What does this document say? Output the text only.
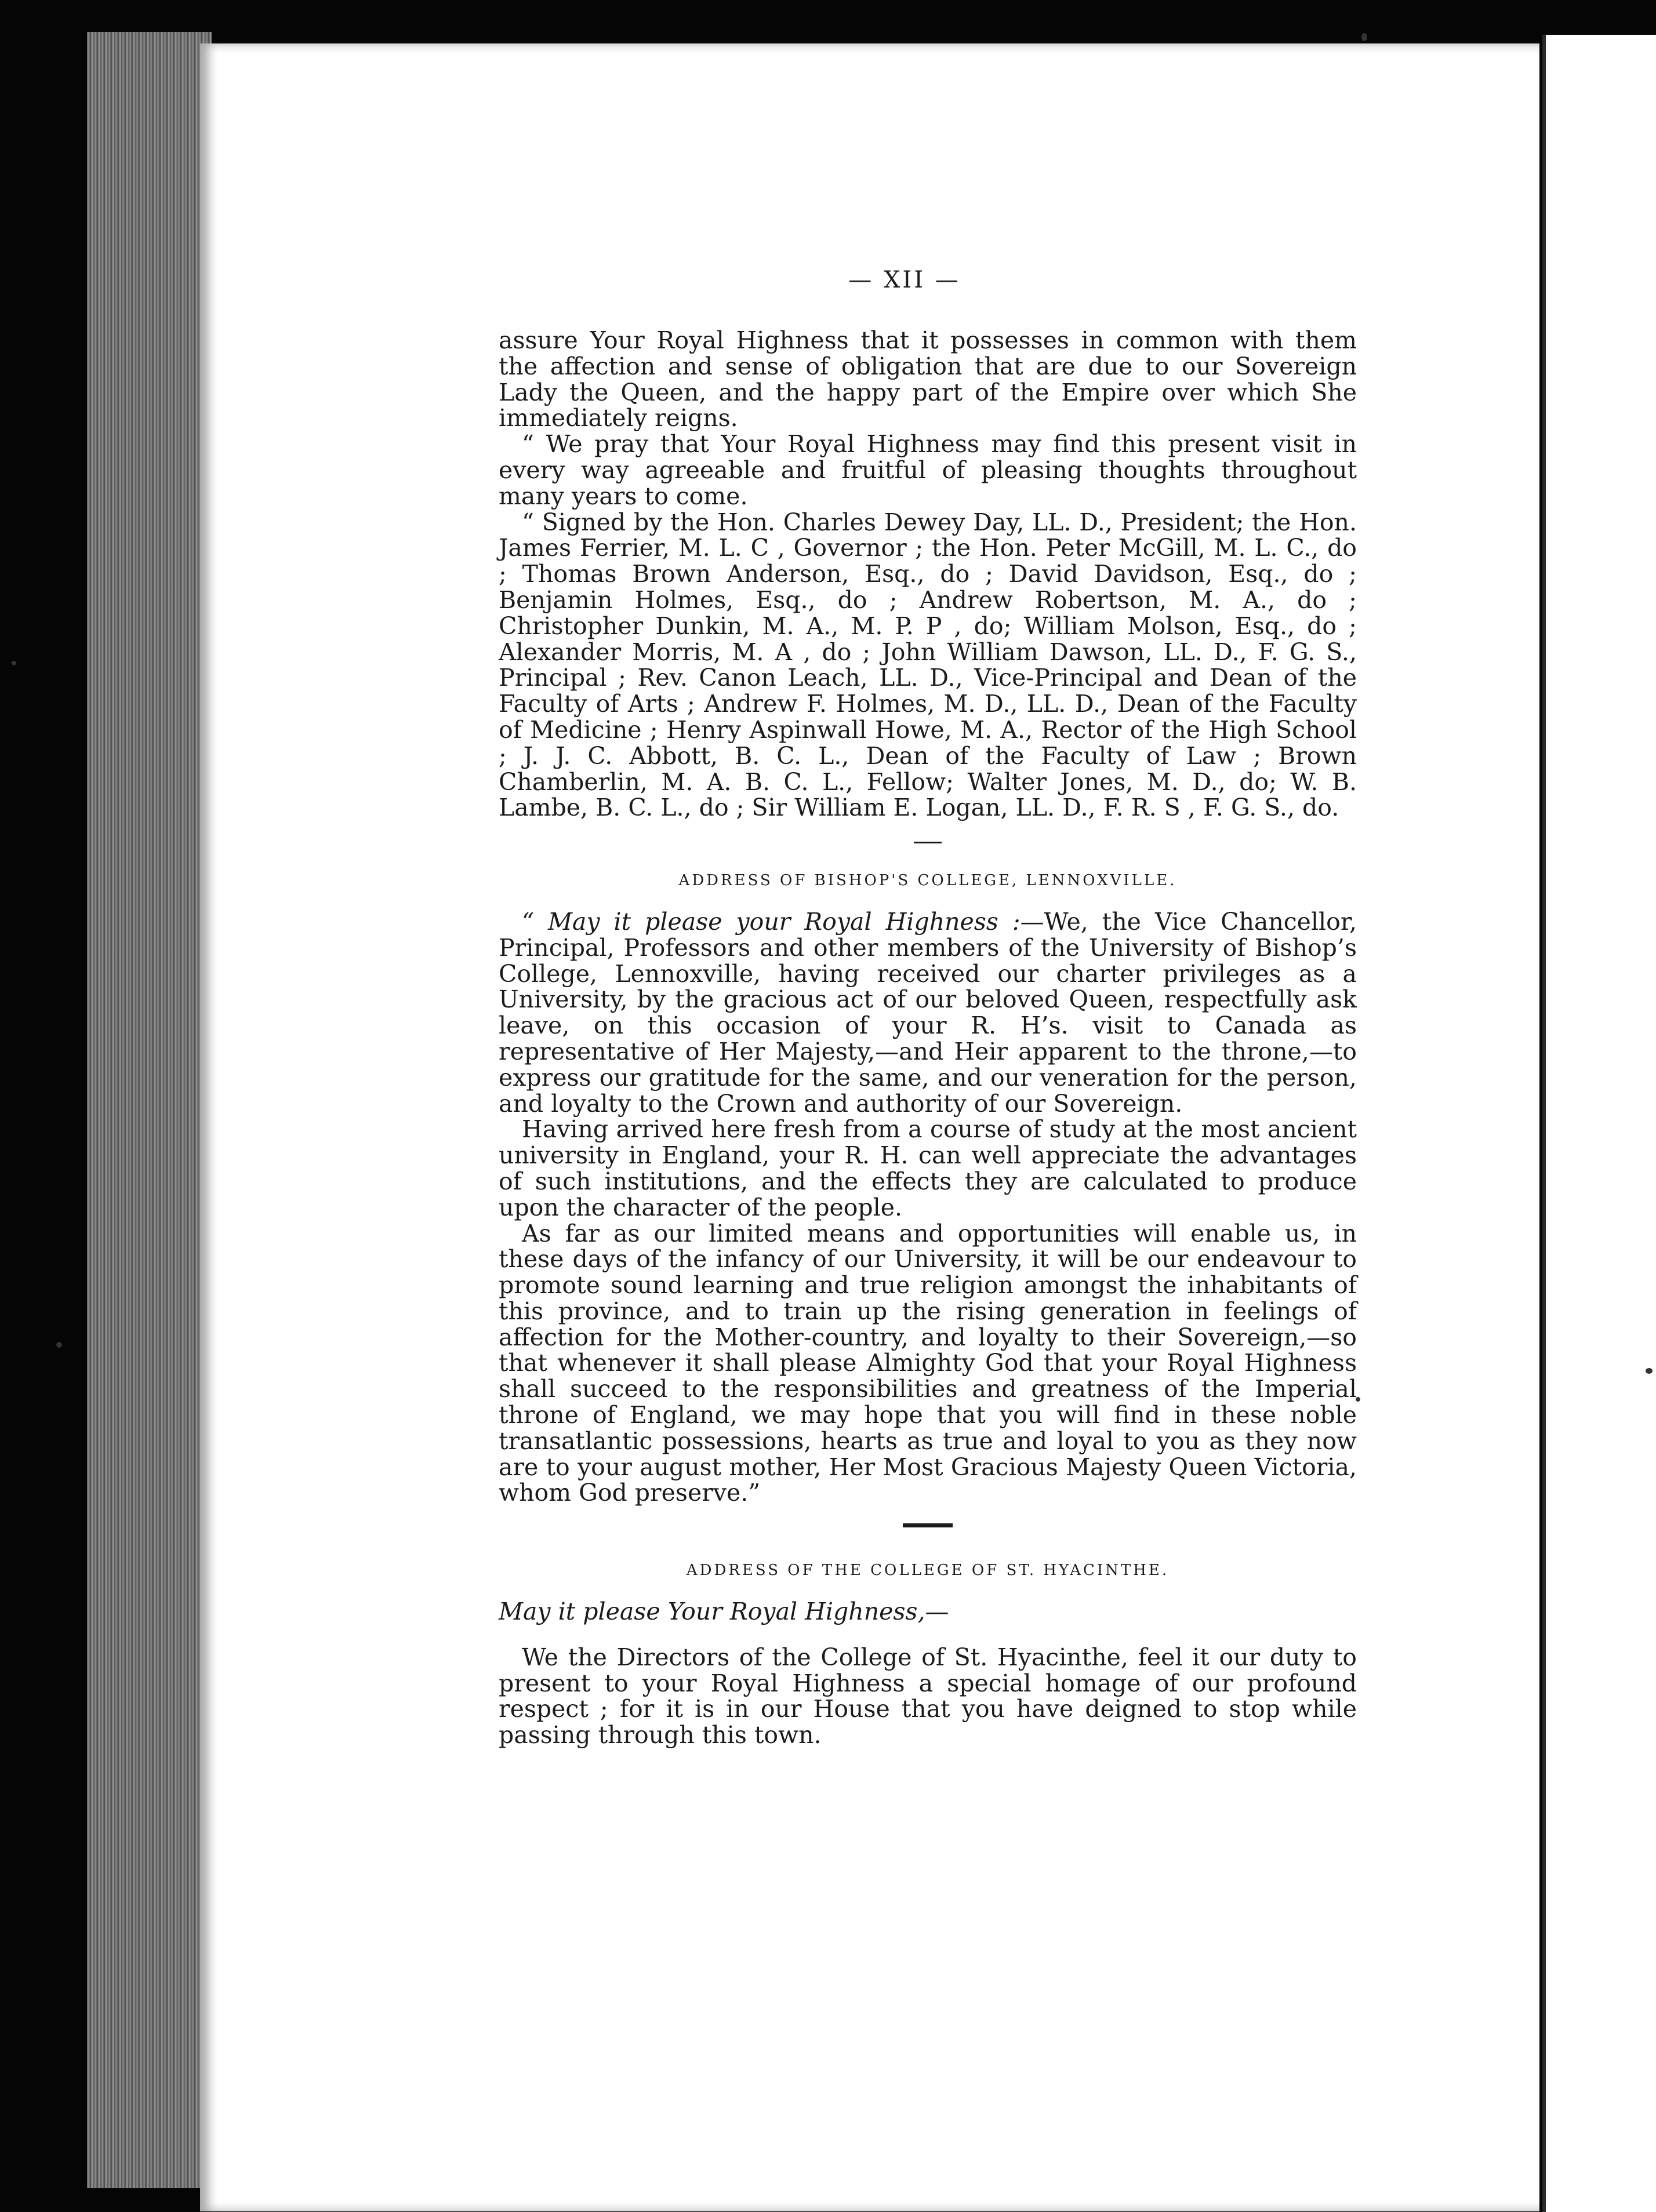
— XII —

assure Your Royal Highness that it possesses in common with them the affection and sense of obligation that are due to our Sovereign Lady the Queen, and the happy part of the Empire over which She immediately reigns.

“ We pray that Your Royal Highness may find this present visit in every way agreeable and fruitful of pleasing thoughts throughout many years to come.

“ Signed by the Hon. Charles Dewey Day, LL. D., President; the Hon. James Ferrier, M. L. C , Governor ; the Hon. Peter McGill, M. L. C., do ; Thomas Brown Anderson, Esq., do ; David Davidson, Esq., do ; Benjamin Holmes, Esq., do ; Andrew Robertson, M. A., do ; Christopher Dunkin, M. A., M. P. P , do; William Molson, Esq., do ; Alexander Morris, M. A , do ; John William Dawson, LL. D., F. G. S., Principal ; Rev. Canon Leach, LL. D., Vice-Principal and Dean of the Faculty of Arts ; Andrew F. Holmes, M. D., LL. D., Dean of the Faculty of Medicine ; Henry Aspinwall Howe, M. A., Rector of the High School ; J. J. C. Abbott, B. C. L., Dean of the Faculty of Law ; Brown Chamberlin, M. A. B. C. L., Fellow; Walter Jones, M. D., do; W. B. Lambe, B. C. L., do ; Sir William E. Logan, LL. D., F. R. S , F. G. S., do.

ADDRESS OF BISHOP'S COLLEGE, LENNOXVILLE.

“ May it please your Royal Highness :—We, the Vice Chancellor, Principal, Professors and other members of the University of Bishop’s College, Lennoxville, having received our charter privileges as a University, by the gracious act of our beloved Queen, respectfully ask leave, on this occasion of your R. H’s. visit to Canada as representative of Her Majesty,—and Heir apparent to the throne,—to express our gratitude for the same, and our veneration for the person, and loyalty to the Crown and authority of our Sovereign.

Having arrived here fresh from a course of study at the most ancient university in England, your R. H. can well appreciate the advantages of such institutions, and the effects they are calculated to produce upon the character of the people.

As far as our limited means and opportunities will enable us, in these days of the infancy of our University, it will be our endeavour to promote sound learning and true religion amongst the inhabitants of this province, and to train up the rising generation in feelings of affection for the Mother-country, and loyalty to their Sovereign,—so that whenever it shall please Almighty God that your Royal Highness shall succeed to the responsibilities and greatness of the Imperial throne of England, we may hope that you will find in these noble transatlantic possessions, hearts as true and loyal to you as they now are to your august mother, Her Most Gracious Majesty Queen Victoria, whom God preserve.”

ADDRESS OF THE COLLEGE OF ST. HYACINTHE.

May it please Your Royal Highness,—

We the Directors of the College of St. Hyacinthe, feel it our duty to present to your Royal Highness a special homage of our profound respect ; for it is in our House that you have deigned to stop while passing through this town.
